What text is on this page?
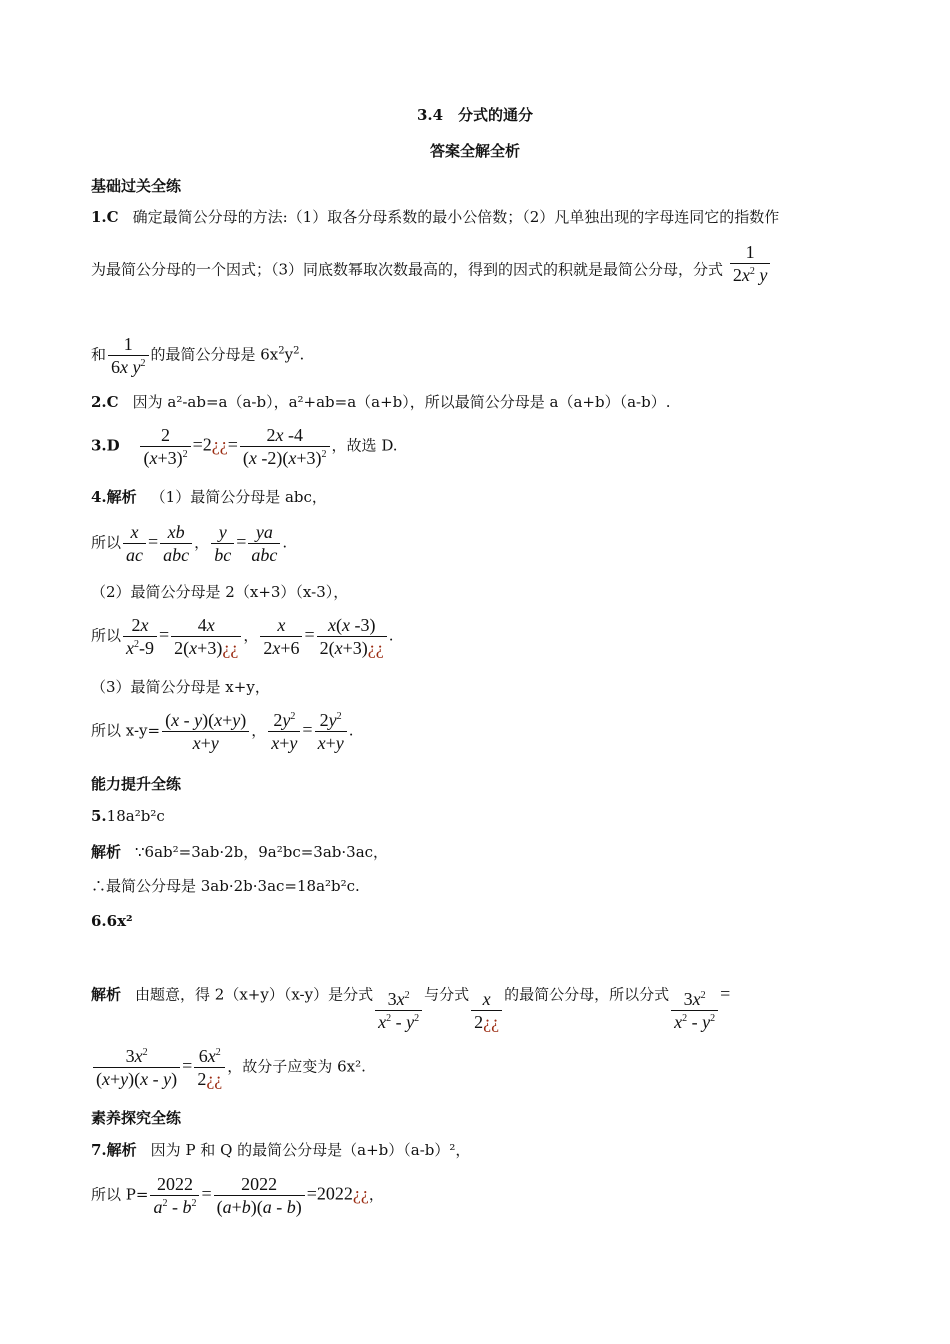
3.4　分式的通分
答案全解全析
基础过关全练
1.C 确定最简公分母的方法:（1）取各分母系数的最小公倍数；（2）凡单独出现的字母连同它的指数作
为最简公分母的一个因式；（3）同底数幂取次数最高的，得到的因式的积就是最简公分母，分式 $\frac{1}{2x^2 y}$
和 $\frac{1}{6x y^2}$ 的最简公分母是 $6x^2y^2$.
2.C 因为 a²-ab=a（a-b），a²+ab=a（a+b），所以最简公分母是 a（a+b）（a-b）.
$3.D \frac{2}{(x+3)^2}$ =2¿¿= $\frac{2x -4}{(x -2)(x+3)^2}$ ，故选 D.
4.解析 （1）最简公分母是 abc，
所以 $\frac{x}{ac} = \frac{xb}{\text{abc}}$ ， $\frac{y}{bc} = \frac{ya}{\text{abc}}$ .
（2）最简公分母是 2（x+3）（x-3），
所以 $\frac{2x}{x^2-9} = \frac{4x}{2(x+3)¿¿}$ ， $\frac{x}{2x+6} = \frac{x(x -3)}{2(x+3)¿¿}$ .
（3）最简公分母是 x+y，
所以 $x-y= \frac{(x - y)(x+y)}{x+y}$ ， $\frac{2y^2}{x+y} = \frac{2y^2}{x+y}$ .
能力提升全练
5.18a²b²c
解析 ∵6ab²=3ab·2b，9a²bc=3ab·3ac，
∴最简公分母是 3ab·2b·3ac=18a²b²c.
6.6x²
解析 由题意，得 2（x+y）（x-y）是分式 $\frac{3x^2}{x^2 - y^2}$ 与分式 $\frac{x}{2¿¿}$ 的最简公分母，所以分式 $\frac{3x^2}{x^2 - y^2}$ =
$\frac{3x^2}{(x+y)(x - y)} = \frac{6x^2}{2¿¿}$ ，故分子应变为 6x².
素养探究全练
7.解析 因为 P 和 Q 的最简公分母是（a+b）（a-b）²，
所以 $P= \frac{2022}{a^2 - b^2} = \frac{2022}{(a+b)(a - b)}$ =2022¿¿，
